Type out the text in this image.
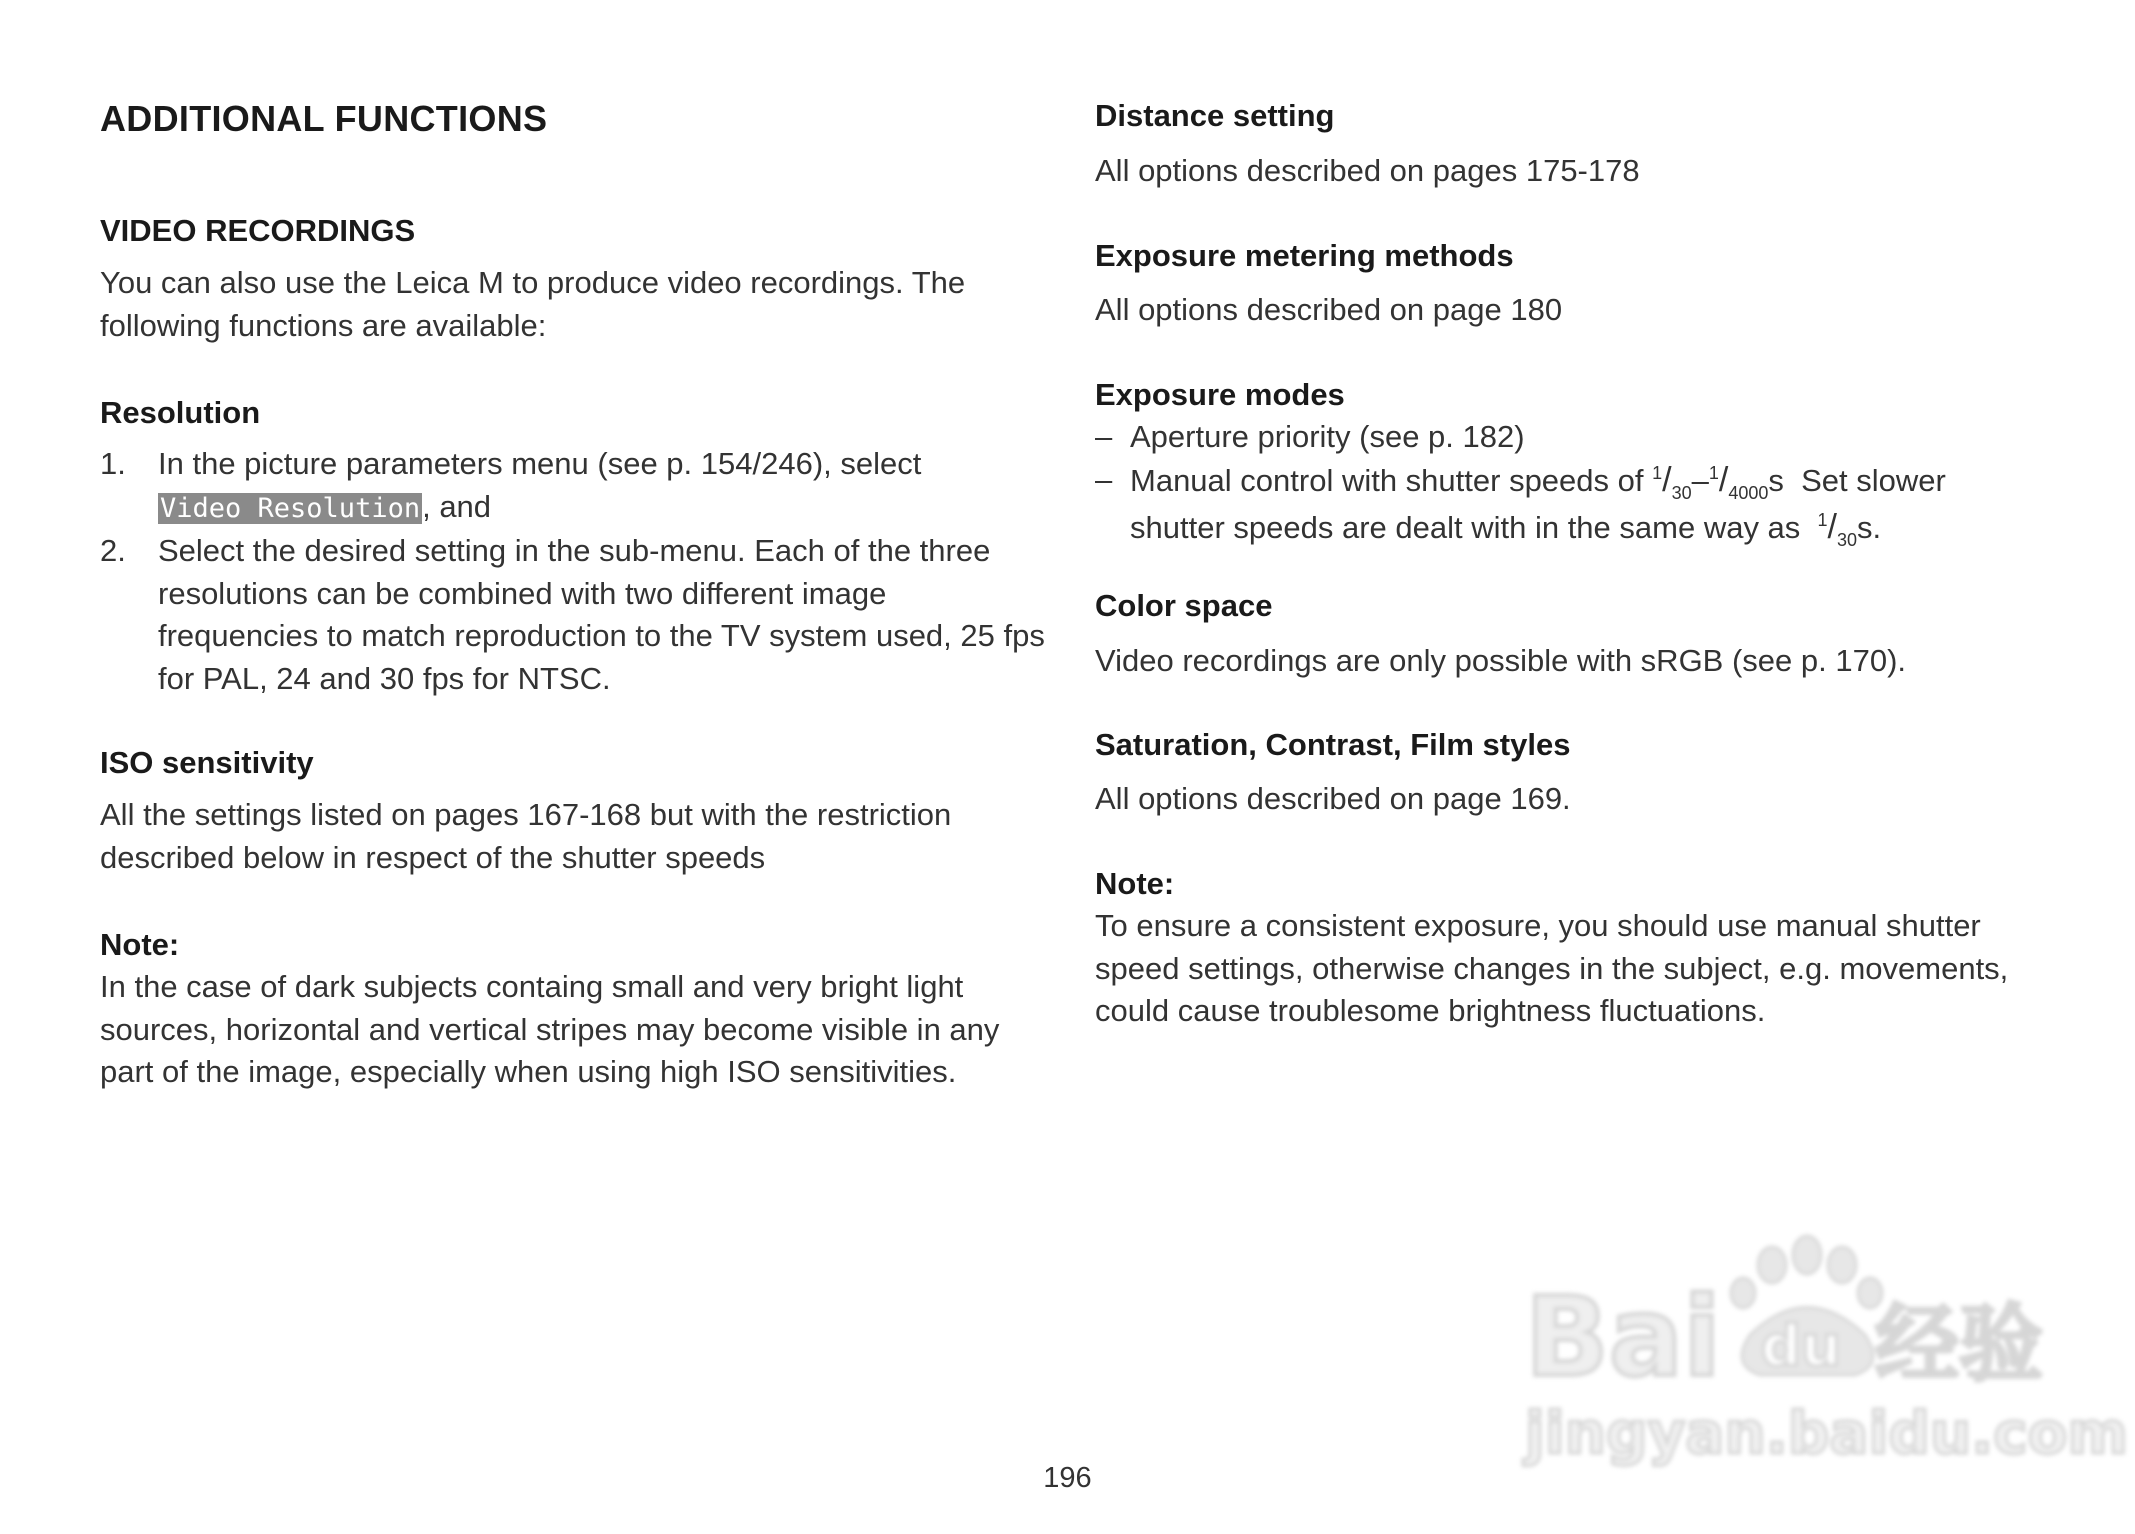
ADDITIONAL FUNCTIONS
VIDEO RECORDINGS
You can also use the Leica M to produce video recordings. The
following functions are available:
Resolution
1. In the picture parameters menu (see p. 154/246), select
Video Resolution, and
2. Select the desired setting in the sub-menu. Each of the three
resolutions can be combined with two different image
frequencies to match reproduction to the TV system used, 25 fps
for PAL, 24 and 30 fps for NTSC.
ISO sensitivity
All the settings listed on pages 167-168 but with the restriction
described below in respect of the shutter speeds
Note:
In the case of dark subjects containg small and very bright light
sources, horizontal and vertical stripes may become visible in any
part of the image, especially when using high ISO sensitivities.
Distance setting
All options described on pages 175-178
Exposure metering methods
All options described on page 180
Exposure modes
– Aperture priority (see p. 182)
– Manual control with shutter speeds of $^1/_{30}-^1/_{4000}s$  Set slower
shutter speeds are dealt with in the same way as  $^1/_{30}s$.
Color space
Video recordings are only possible with sRGB (see p. 170).
Saturation, Contrast, Film styles
All options described on page 169.
Note:
To ensure a consistent exposure, you should use manual shutter
speed settings, otherwise changes in the subject, e.g. movements,
could cause troublesome brightness fluctuations.
196
Bai du 经验
jingyan.baidu.com
